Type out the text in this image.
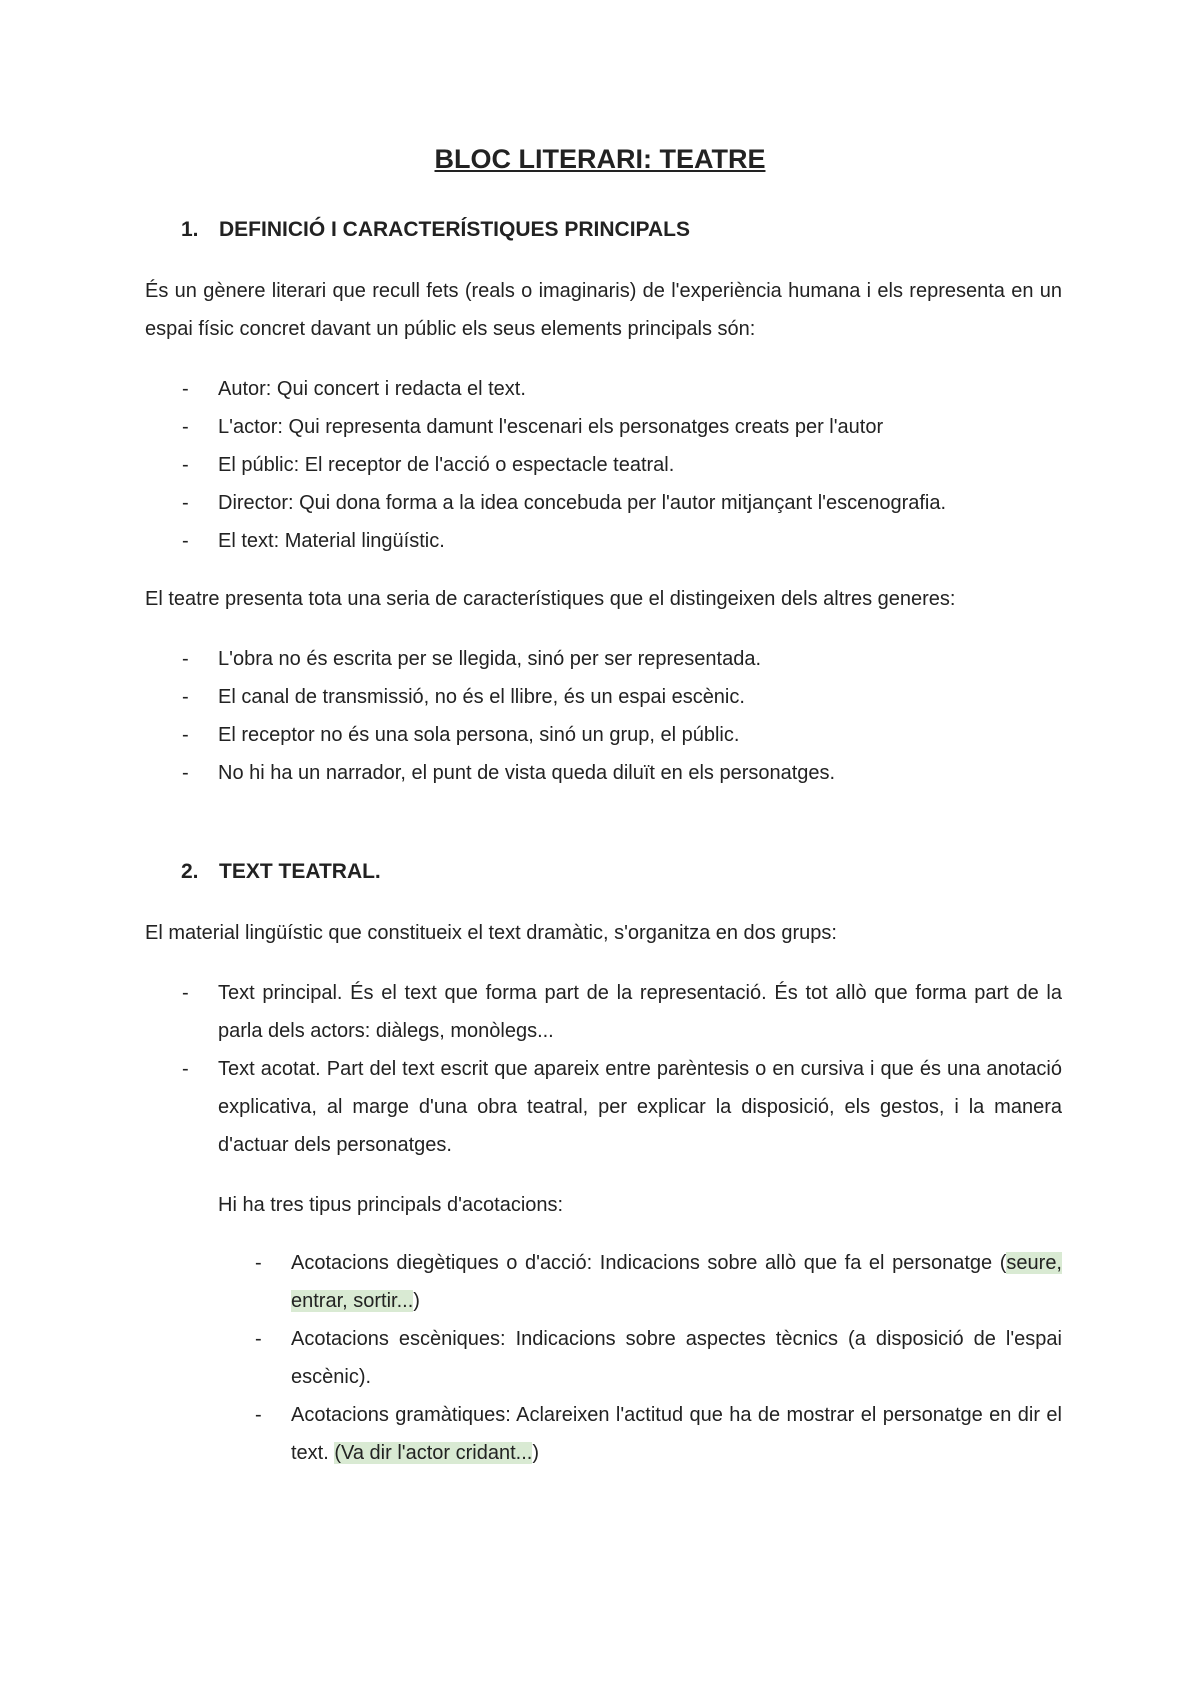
BLOC LITERARI: TEATRE
1. DEFINICIÓ I CARACTERÍSTIQUES PRINCIPALS

És un gènere literari que recull fets (reals o imaginaris) de l'experiència humana i els representa en un espai físic concret davant un públic els seus elements principals són:

- Autor: Qui concert i redacta el text.
- L'actor: Qui representa damunt l'escenari els personatges creats per l'autor
- El públic: El receptor de l'acció o espectacle teatral.
- Director: Qui dona forma a la idea concebuda per l'autor mitjançant l'escenografia.
- El text: Material lingüístic.

El teatre presenta tota una seria de característiques que el distingeixen dels altres generes:

- L'obra no és escrita per se llegida, sinó per ser representada.
- El canal de transmissió, no és el llibre, és un espai escènic.
- El receptor no és una sola persona, sinó un grup, el públic.
- No hi ha un narrador, el punt de vista queda diluït en els personatges.
2. TEXT TEATRAL.

El material lingüístic que constitueix el text dramàtic, s'organitza en dos grups:

- Text principal. És el text que forma part de la representació. És tot allò que forma part de la parla dels actors: diàlegs, monòlegs...
- Text acotat. Part del text escrit que apareix entre parèntesis o en cursiva i que és una anotació explicativa, al marge d'una obra teatral, per explicar la disposició, els gestos, i la manera d'actuar dels personatges.

Hi ha tres tipus principals d'acotacions:

- Acotacions diegètiques o d'acció: Indicacions sobre allò que fa el personatge (seure, entrar, sortir...)
- Acotacions escèniques: Indicacions sobre aspectes tècnics (a disposició de l'espai escènic).
- Acotacions gramàtiques: Aclareixen l'actitud que ha de mostrar el personatge en dir el text. (Va dir l'actor cridant...)
